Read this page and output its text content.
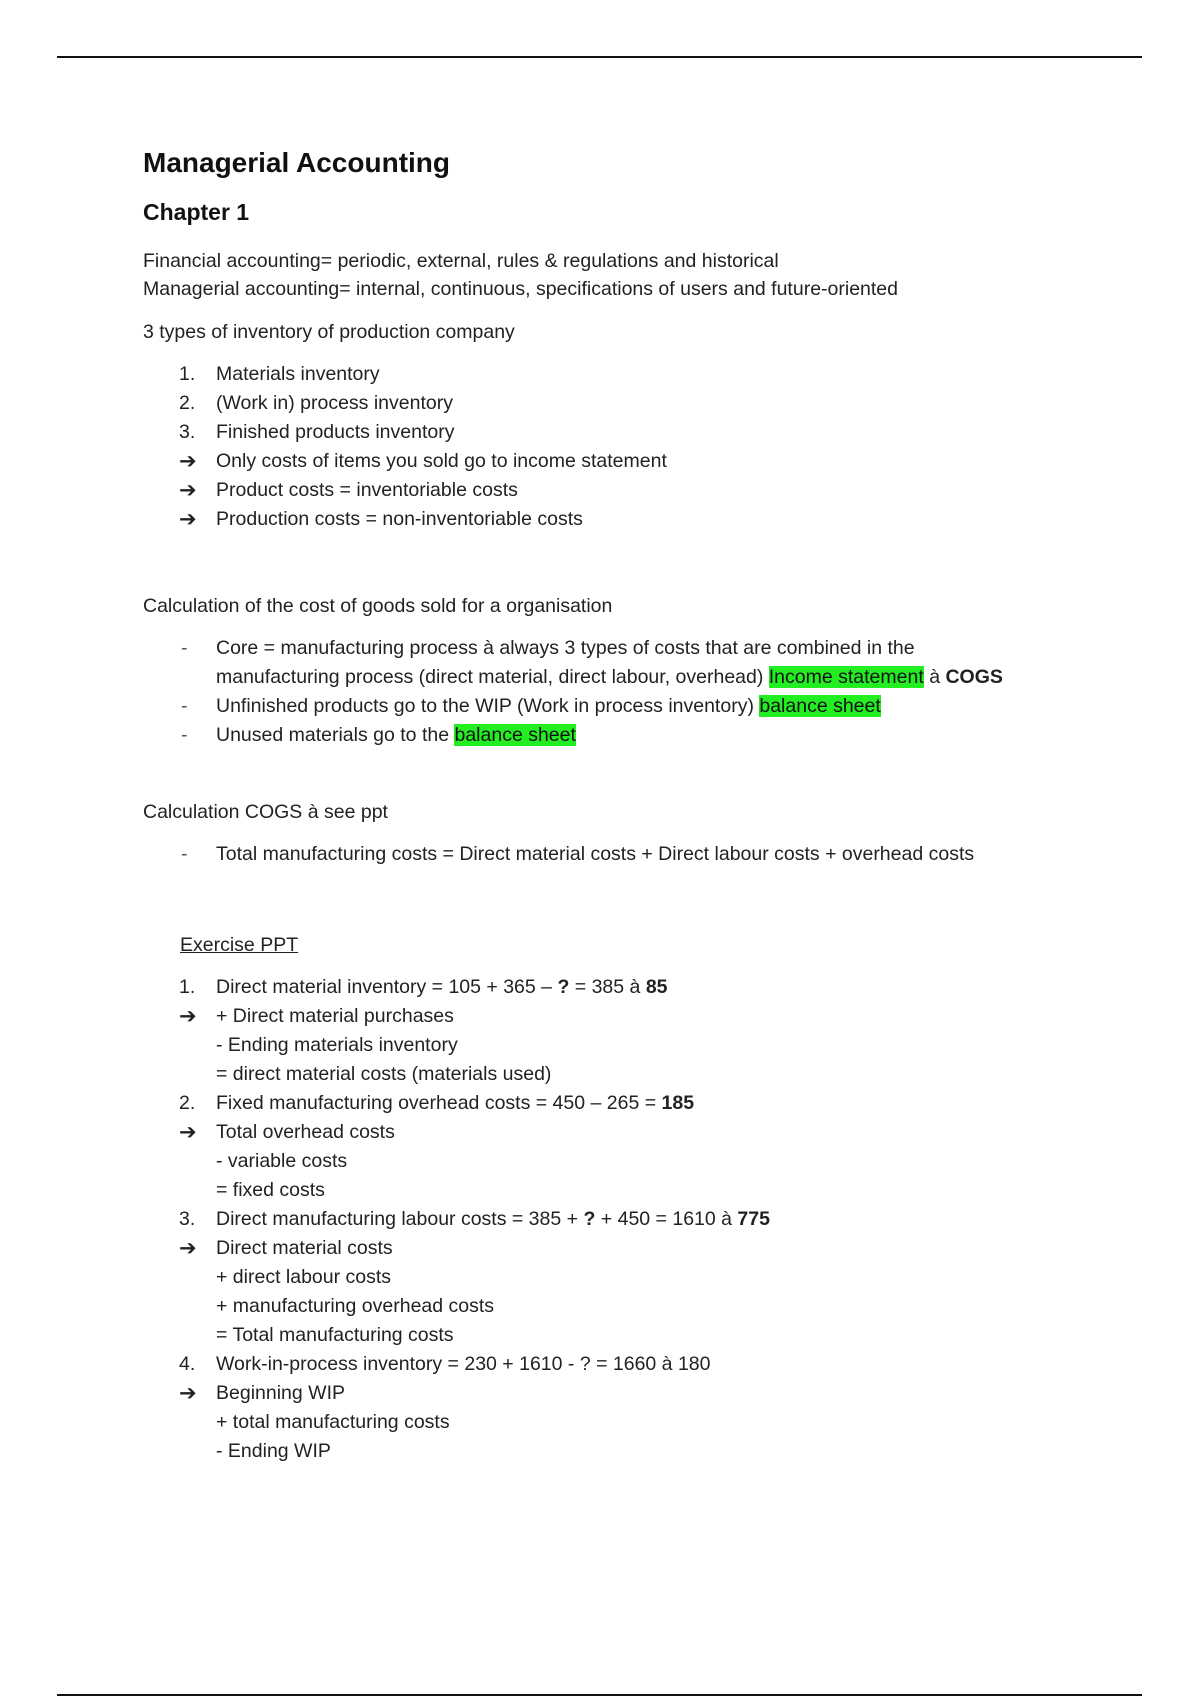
Managerial Accounting
Chapter 1

Financial accounting= periodic, external, rules & regulations and historical
Managerial accounting= internal, continuous, specifications of users and future-oriented

3 types of inventory of production company

1.	Materials inventory
2.	(Work in) process inventory
3.	Finished products inventory
➔ Only costs of items you sold go to income statement
➔ Product costs = inventoriable costs
➔ Production costs = non-inventoriable costs

Calculation of the cost of goods sold for a organisation

-	Core = manufacturing process à always 3 types of costs that are combined in the
manufacturing process (direct material, direct labour, overhead) Income statement à COGS
-	Unfinished products go to the WIP (Work in process inventory) balance sheet
-	Unused materials go to the balance sheet

Calculation COGS à see ppt

-	Total manufacturing costs = Direct material costs + Direct labour costs + overhead costs

Exercise PPT

1.	Direct material inventory = 105 + 365 – ? = 385 à 85
➔ + Direct material purchases
- Ending materials inventory
= direct material costs (materials used)
2.	Fixed manufacturing overhead costs = 450 – 265 = 185
➔ Total overhead costs
- variable costs
= fixed costs
3.	Direct manufacturing labour costs = 385 + ? + 450 = 1610 à 775
➔ Direct material costs
+ direct labour costs
+ manufacturing overhead costs
= Total manufacturing costs
4.	Work-in-process inventory = 230 + 1610 - ? = 1660 à 180
➔ Beginning WIP
+ total manufacturing costs
- Ending WIP
